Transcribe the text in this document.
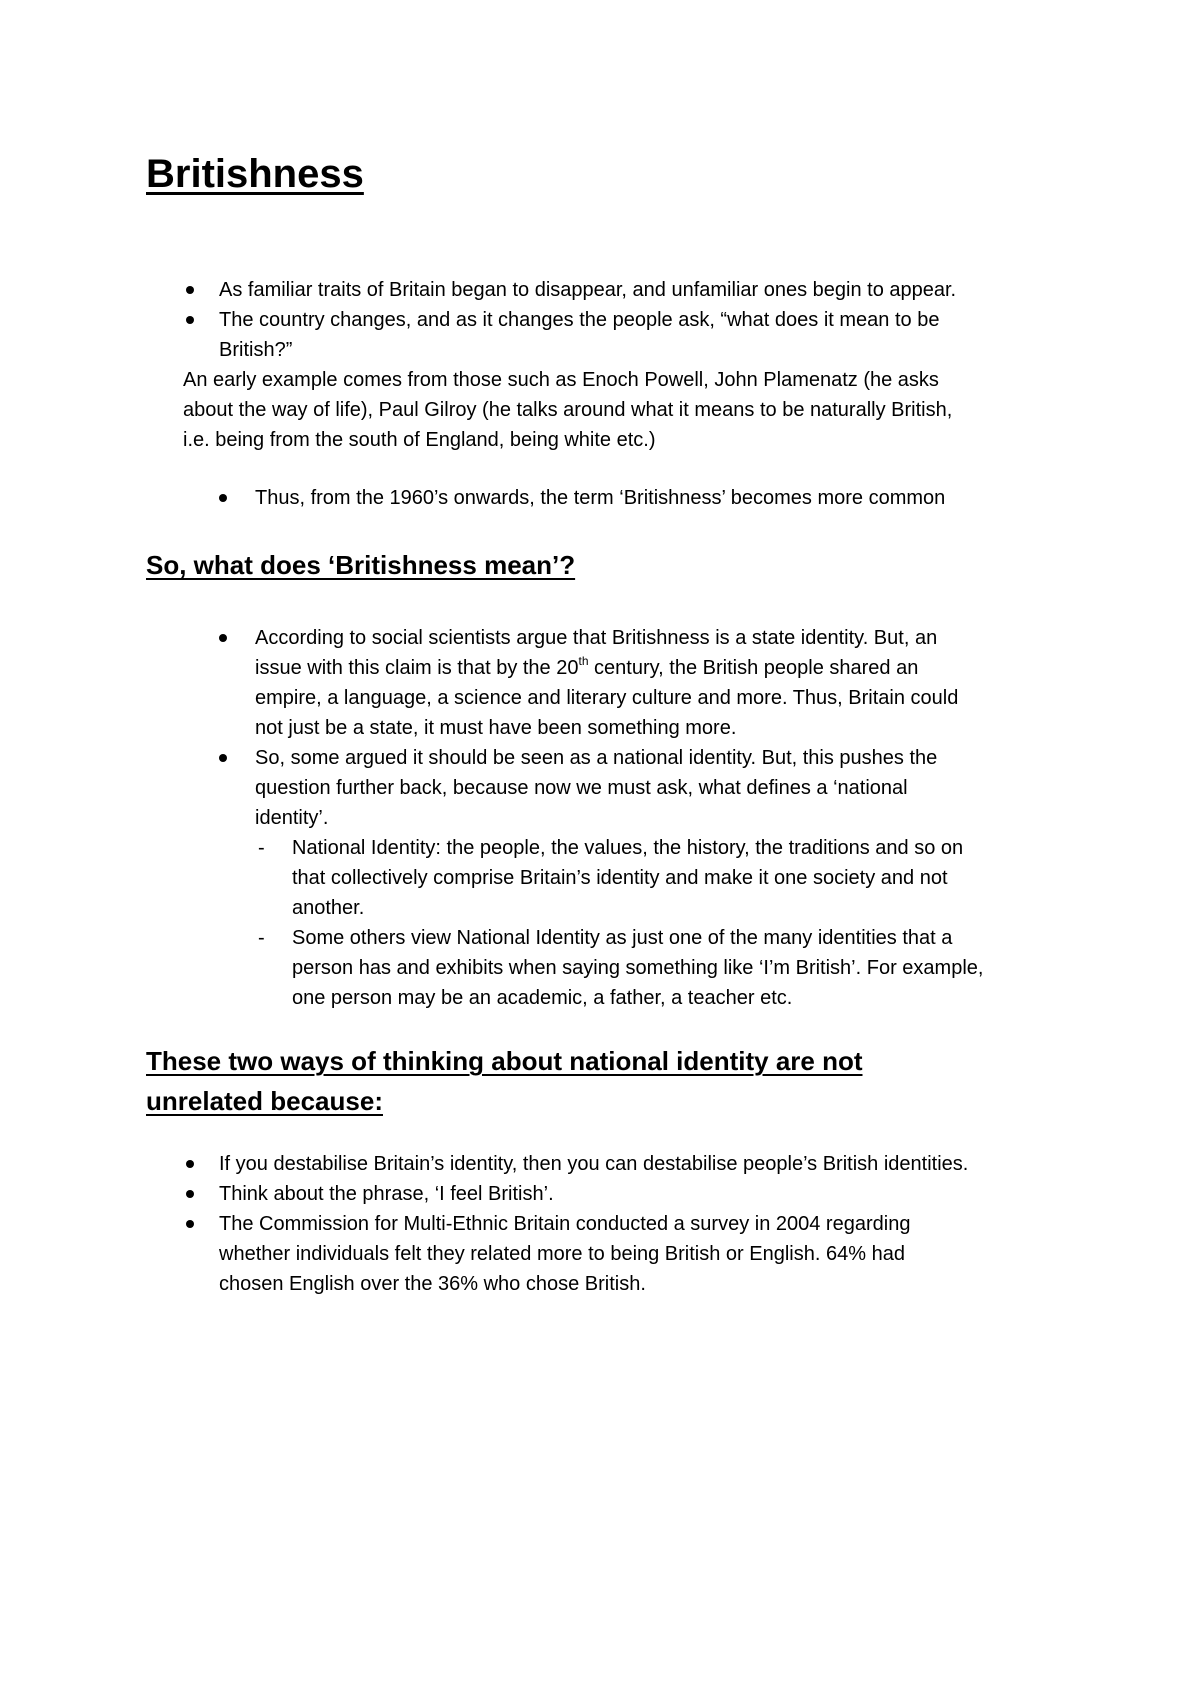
Britishness

As familiar traits of Britain began to disappear, and unfamiliar ones begin to appear.

The country changes, and as it changes the people ask, “what does it mean to be

British?”

An early example comes from those such as Enoch Powell, John Plamenatz (he asks

about the way of life), Paul Gilroy (he talks around what it means to be naturally British,

i.e. being from the south of England, being white etc.)

Thus, from the 1960’s onwards, the term ‘Britishness’ becomes more common

So, what does ‘Britishness mean’?

According to social scientists argue that Britishness is a state identity. But, an

issue with this claim is that by the 20th century, the British people shared an

empire, a language, a science and literary culture and more. Thus, Britain could

not just be a state, it must have been something more.

So, some argued it should be seen as a national identity. But, this pushes the

question further back, because now we must ask, what defines a ‘national

identity’.

- National Identity: the people, the values, the history, the traditions and so on

that collectively comprise Britain’s identity and make it one society and not

another.

- Some others view National Identity as just one of the many identities that a

person has and exhibits when saying something like ‘I’m British’. For example,

one person may be an academic, a father, a teacher etc.

These two ways of thinking about national identity are not
unrelated because:

If you destabilise Britain’s identity, then you can destabilise people’s British identities.

Think about the phrase, ‘I feel British’.

The Commission for Multi-Ethnic Britain conducted a survey in 2004 regarding

whether individuals felt they related more to being British or English. 64% had

chosen English over the 36% who chose British.
